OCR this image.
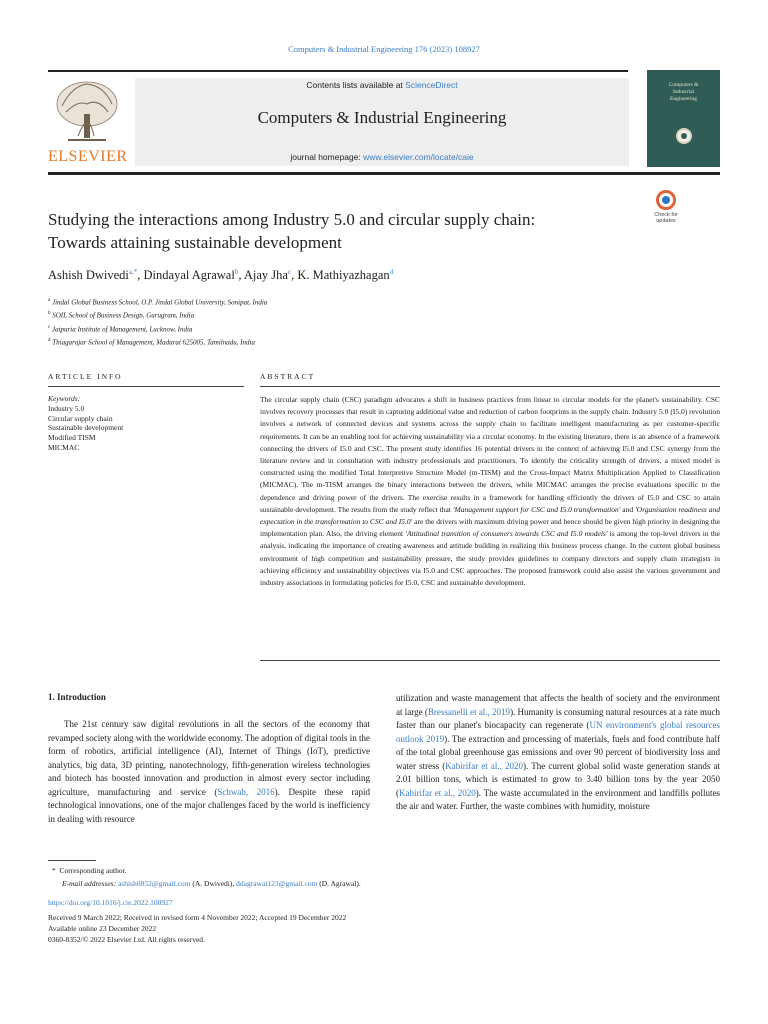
Computers & Industrial Engineering 176 (2023) 108927
ELSEVIER
Contents lists available at ScienceDirect
Computers & Industrial Engineering
journal homepage: www.elsevier.com/locate/caie
Computers &
Industrial
Engineering
Check for
updates
Studying the interactions among Industry 5.0 and circular supply chain:
Towards attaining sustainable development
Ashish Dwivedi$^{a,*}$, Dindayal Agrawal$^b$, Ajay Jha$^c$, K. Mathiyazhagan$^d$
$^a$ Jindal Global Business School, O.P. Jindal Global University, Sonipat, India
$^b$ SOIL School of Business Design, Gurugram, India
$^c$ Jaipuria Institute of Management, Lucknow, India
$^d$ Thiagarajar School of Management, Madurai 625005, Tamilnadu, India
ARTICLE INFO	ABSTRACT
Keywords:
Industry 5.0
Circular supply chain
Sustainable development
Modified TISM
MICMAC
The circular supply chain (CSC) paradigm advocates a shift in business practices from linear to circular models for the planet's sustainability. CSC involves recovery processes that result in capturing additional value and reduction of carbon footprints in the supply chain. Industry 5.0 (I5.0) revolution involves a network of connected devices and systems across the supply chain to facilitate intelligent manufacturing as per customer-specific requirements. It can be an enabling tool for achieving sustainability via a circular economy. In the existing literature, there is an absence of a framework connecting the drivers of I5.0 and CSC. The present study identifies 16 potential drivers in the context of achieving I5.0 and CSC synergy from the literature review and in consultation with industry professionals and practitioners. To identify the criticality strength of drivers, a mixed model is constructed using the modified Total Interpretive Structure Model (m-TISM) and the Cross-Impact Matrix Multiplication Applied to Classification (MICMAC). The m-TISM arranges the binary interactions between the drivers, while MICMAC arranges the precise evaluations specific to the dependence and driving power of the drivers. The exercise results in a framework for handling efficiently the drivers of I5.0 and CSC to attain sustainable development. The results from the study reflect that 'Management support for CSC and I5.0 transformation' and 'Organisation readiness and expectation in the transformation to CSC and I5.0' are the drivers with maximum driving power and hence should be given high priority in designing the implementation plan. Also, the driving element 'Attitudinal transition of consumers towards CSC and I5.0 models' is among the top-level drivers in the analysis, indicating the importance of creating awareness and attitude building in realizing this business process change. In the current global business environment of high competition and sustainability pressure, the study provides guidelines to company directors and supply chain strategists in achieving efficiency and sustainability objectives via I5.0 and CSC approaches. The proposed framework could also assist the various government and industry associations in formulating policies for I5.0, CSC and sustainable development.
1. Introduction
The 21st century saw digital revolutions in all the sectors of the economy that revamped society along with the worldwide economy. The adoption of digital tools in the form of robotics, artificial intelligence (AI), Internet of Things (IoT), predictive analytics, big data, 3D printing, nanotechnology, fifth-generation wireless technologies and biotech has boosted innovation and production in almost every sector including agriculture, manufacturing and service (Schwab, 2016). Despite these rapid technological innovations, one of the major challenges faced by the world is inefficiency in dealing with resource
utilization and waste management that affects the health of society and the environment at large (Bressanelli et al., 2019). Humanity is consuming natural resources at a rate much faster than our planet's biocapacity can regenerate (UN environment's global resources outlook 2019). The extraction and processing of materials, fuels and food contribute half of the total global greenhouse gas emissions and over 90 percent of biodiversity loss and water stress (Kabirifar et al., 2020). The current global solid waste generation stands at 2.01 billion tons, which is estimated to grow to 3.40 billion tons by the year 2050 (Kabirifar et al., 2020). The waste accumulated in the environment and landfills pollutes the air and water. Further, the waste combines with humidity, moisture
* Corresponding author.
E-mail addresses: ashish0852@gmail.com (A. Dwivedi), ddagrawal123@gmail.com (D. Agrawal).
https://doi.org/10.1016/j.cie.2022.108927
Received 9 March 2022; Received in revised form 4 November 2022; Accepted 19 December 2022
Available online 23 December 2022
0360-8352/© 2022 Elsevier Ltd. All rights reserved.
